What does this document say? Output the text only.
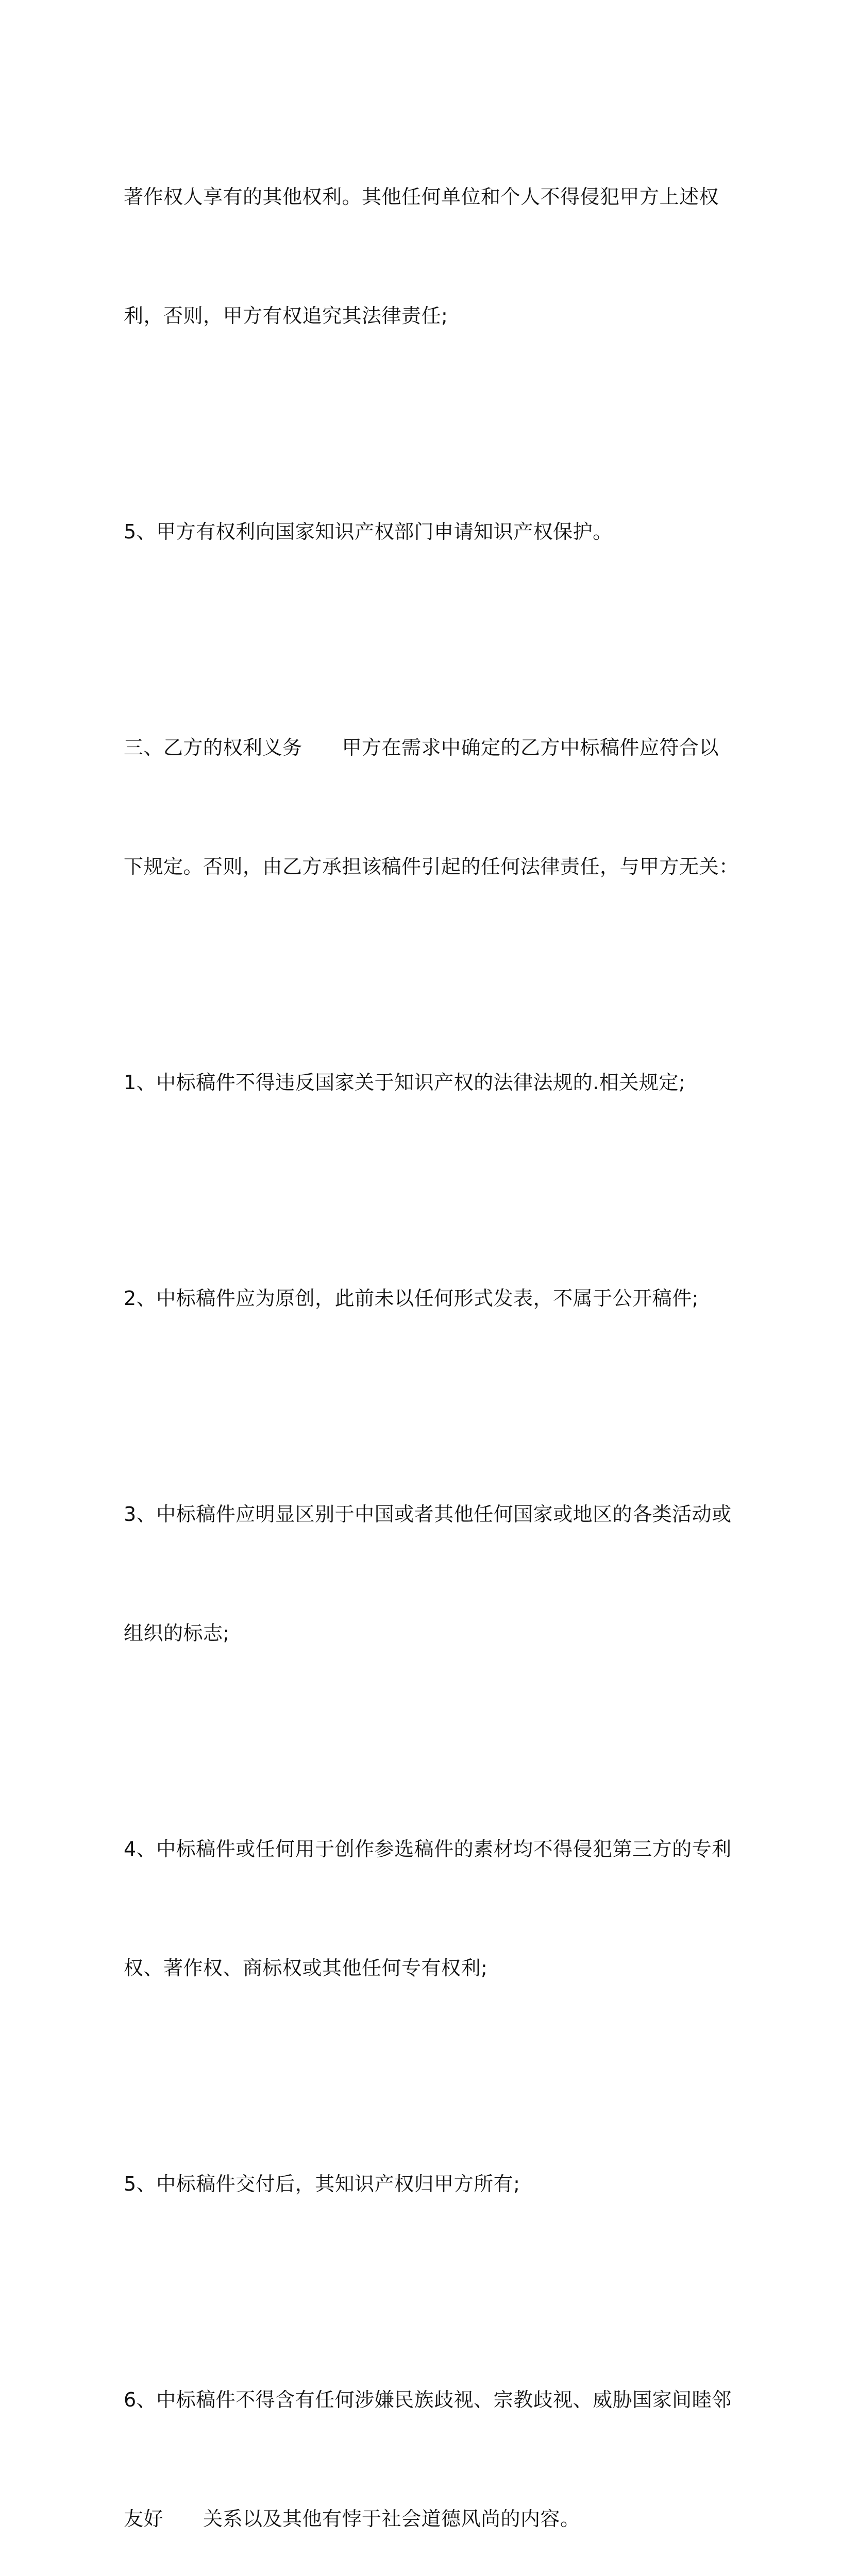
著作权人享有的其他权利。其他任何单位和个人不得侵犯甲方上述权

利，否则，甲方有权追究其法律责任;

5、甲方有权利向国家知识产权部门申请知识产权保护。

三、乙方的权利义务　　甲方在需求中确定的乙方中标稿件应符合以

下规定。否则，由乙方承担该稿件引起的任何法律责任，与甲方无关：

1、中标稿件不得违反国家关于知识产权的法律法规的.相关规定;

2、中标稿件应为原创，此前未以任何形式发表，不属于公开稿件;

3、中标稿件应明显区别于中国或者其他任何国家或地区的各类活动或

组织的标志;

4、中标稿件或任何用于创作参选稿件的素材均不得侵犯第三方的专利

权、著作权、商标权或其他任何专有权利;

5、中标稿件交付后，其知识产权归甲方所有;

6、中标稿件不得含有任何涉嫌民族歧视、宗教歧视、威胁国家间睦邻

友好　　关系以及其他有悖于社会道德风尚的内容。
